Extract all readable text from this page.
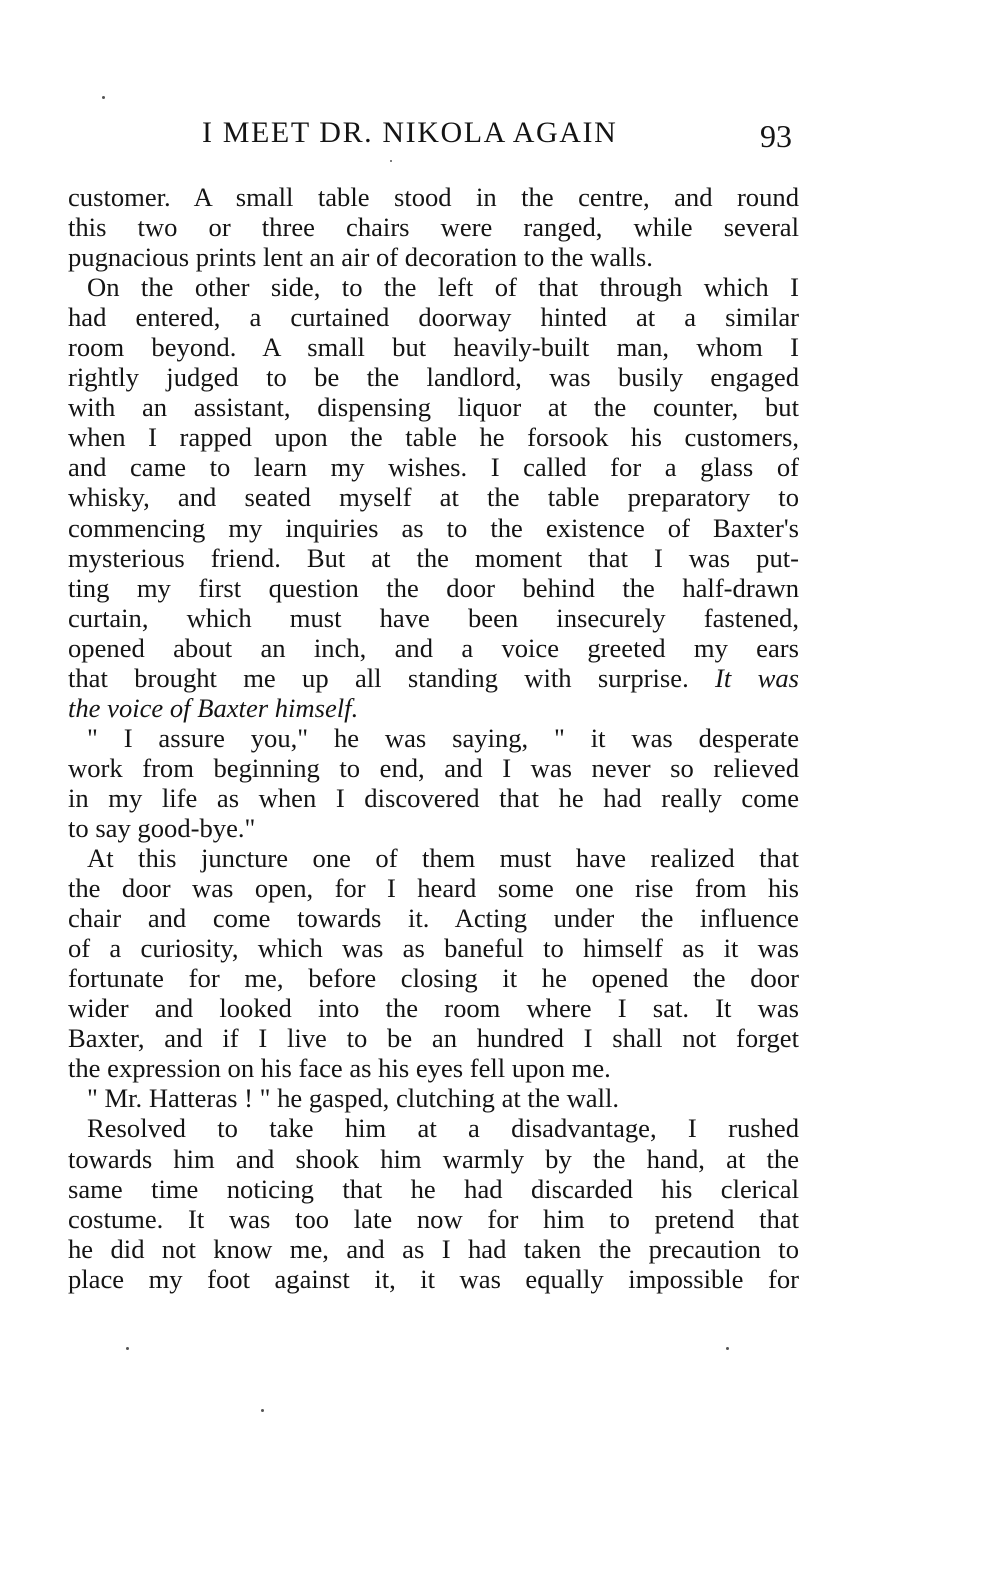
I MEET DR. NIKOLA AGAIN	93
customer. A small table stood in the centre, and round
this two or three chairs were ranged, while several
pugnacious prints lent an air of decoration to the walls.
On the other side, to the left of that through which I
had entered, a curtained doorway hinted at a similar
room beyond. A small but heavily-built man, whom I
rightly judged to be the landlord, was busily engaged
with an assistant, dispensing liquor at the counter, but
when I rapped upon the table he forsook his customers,
and came to learn my wishes. I called for a glass of
whisky, and seated myself at the table preparatory to
commencing my inquiries as to the existence of Baxter's
mysterious friend. But at the moment that I was put-
ting my first question the door behind the half-drawn
curtain, which must have been insecurely fastened,
opened about an inch, and a voice greeted my ears
that brought me up all standing with surprise. It was
the voice of Baxter himself.
" I assure you," he was saying, " it was desperate
work from beginning to end, and I was never so relieved
in my life as when I discovered that he had really come
to say good-bye."
At this juncture one of them must have realized that
the door was open, for I heard some one rise from his
chair and come towards it. Acting under the influence
of a curiosity, which was as baneful to himself as it was
fortunate for me, before closing it he opened the door
wider and looked into the room where I sat. It was
Baxter, and if I live to be an hundred I shall not forget
the expression on his face as his eyes fell upon me.
" Mr. Hatteras ! " he gasped, clutching at the wall.
Resolved to take him at a disadvantage, I rushed
towards him and shook him warmly by the hand, at the
same time noticing that he had discarded his clerical
costume. It was too late now for him to pretend that
he did not know me, and as I had taken the precaution to
place my foot against it, it was equally impossible for
